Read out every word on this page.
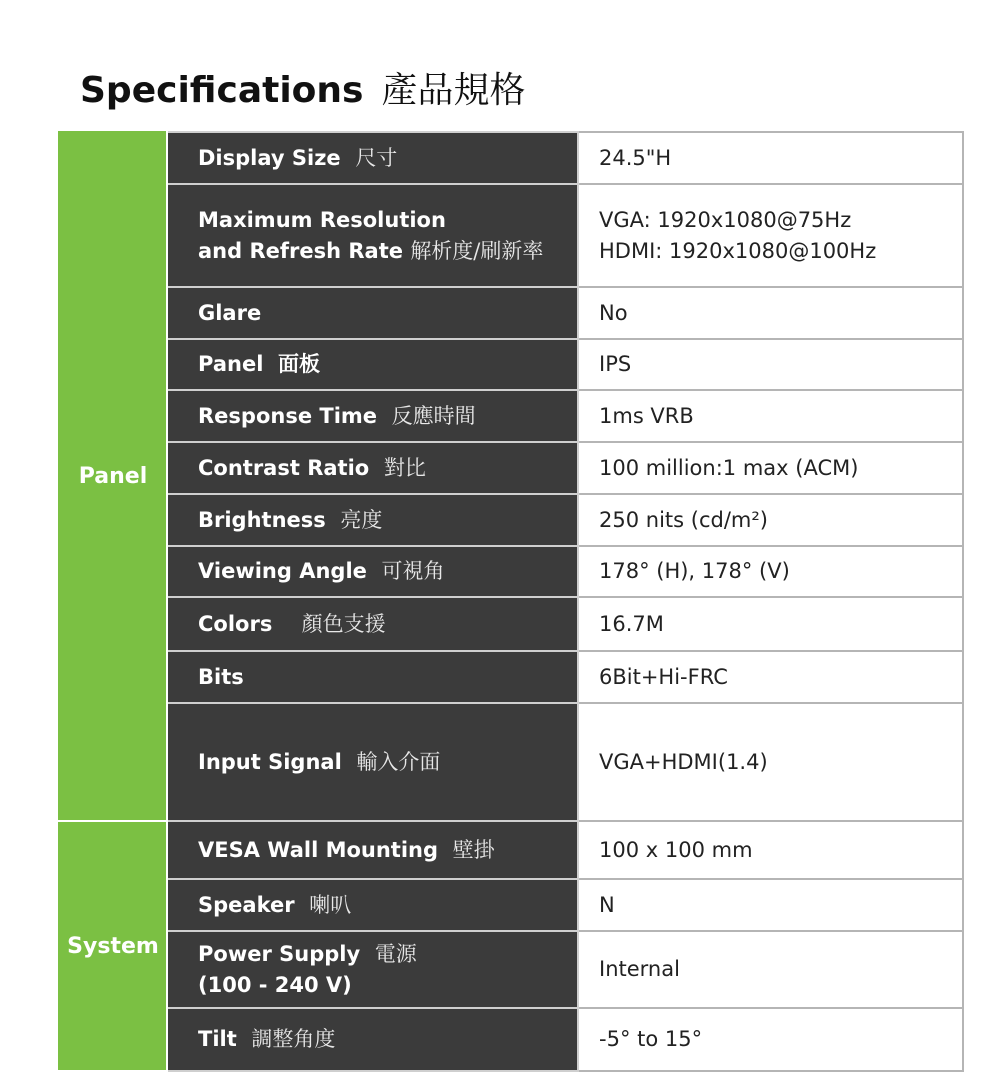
Specifications 產品規格
Panel	Display Size 尺寸	24.5"H

	Maximum Resolution
and Refresh Rate 解析度/刷新率	VGA: 1920x1080@75Hz
HDMI: 1920x1080@100Hz

	Glare	No
	Panel 面板	IPS
	Response Time 反應時間	1ms VRB
	Contrast Ratio 對比	100 million:1 max (ACM)
	Brightness 亮度	250 nits (cd/m²)
	Viewing Angle 可視角	178° (H), 178° (V)
	Colors 顏色支援	16.7M
	Bits	6Bit+Hi-FRC
	Input Signal 輸入介面	VGA+HDMI(1.4)
System	VESA Wall Mounting 壁掛	100 x 100 mm
	Speaker 喇叭	N
	Power Supply 電源
(100 - 240 V)	Internal
	Tilt 調整角度	-5° to 15°
